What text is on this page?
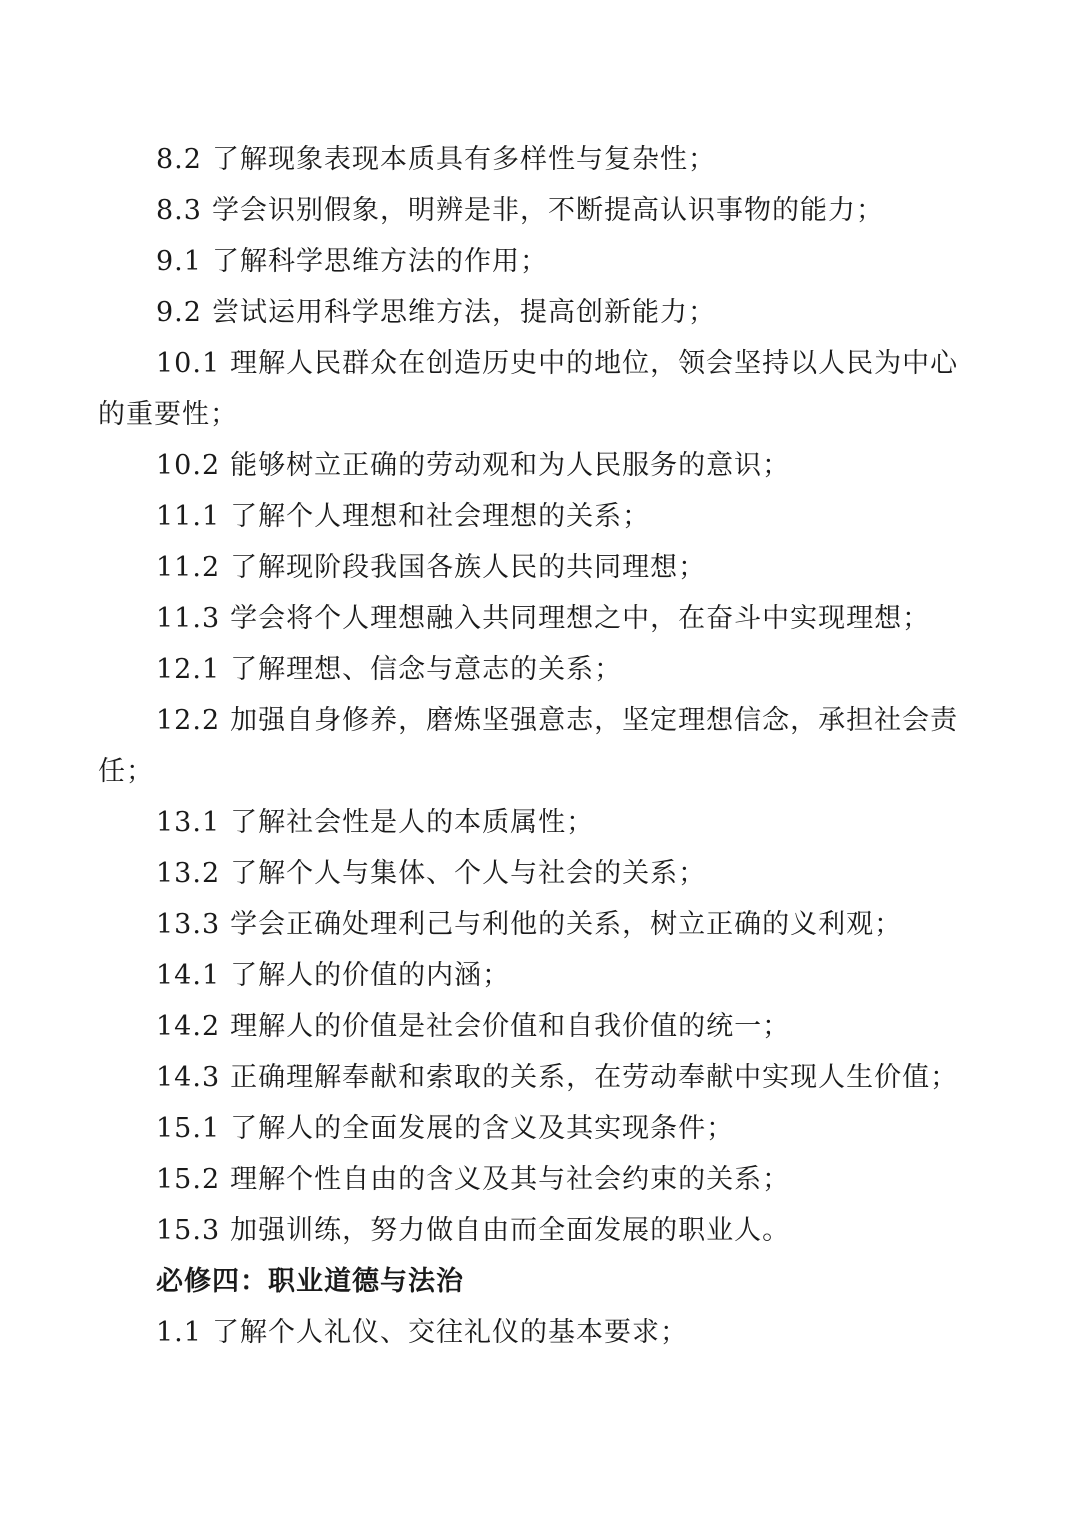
8.2 了解现象表现本质具有多样性与复杂性；
8.3 学会识别假象，明辨是非，不断提高认识事物的能力；
9.1 了解科学思维方法的作用；
9.2 尝试运用科学思维方法，提高创新能力；
10.1 理解人民群众在创造历史中的地位，领会坚持以人民为中心
的重要性；
10.2 能够树立正确的劳动观和为人民服务的意识；
11.1 了解个人理想和社会理想的关系；
11.2 了解现阶段我国各族人民的共同理想；
11.3 学会将个人理想融入共同理想之中，在奋斗中实现理想；
12.1 了解理想、信念与意志的关系；
12.2 加强自身修养，磨炼坚强意志，坚定理想信念，承担社会责
任；
13.1 了解社会性是人的本质属性；
13.2 了解个人与集体、个人与社会的关系；
13.3 学会正确处理利己与利他的关系，树立正确的义利观；
14.1 了解人的价值的内涵；
14.2 理解人的价值是社会价值和自我价值的统一；
14.3 正确理解奉献和索取的关系，在劳动奉献中实现人生价值；
15.1 了解人的全面发展的含义及其实现条件；
15.2 理解个性自由的含义及其与社会约束的关系；
15.3 加强训练，努力做自由而全面发展的职业人。
必修四：职业道德与法治
1.1 了解个人礼仪、交往礼仪的基本要求；
